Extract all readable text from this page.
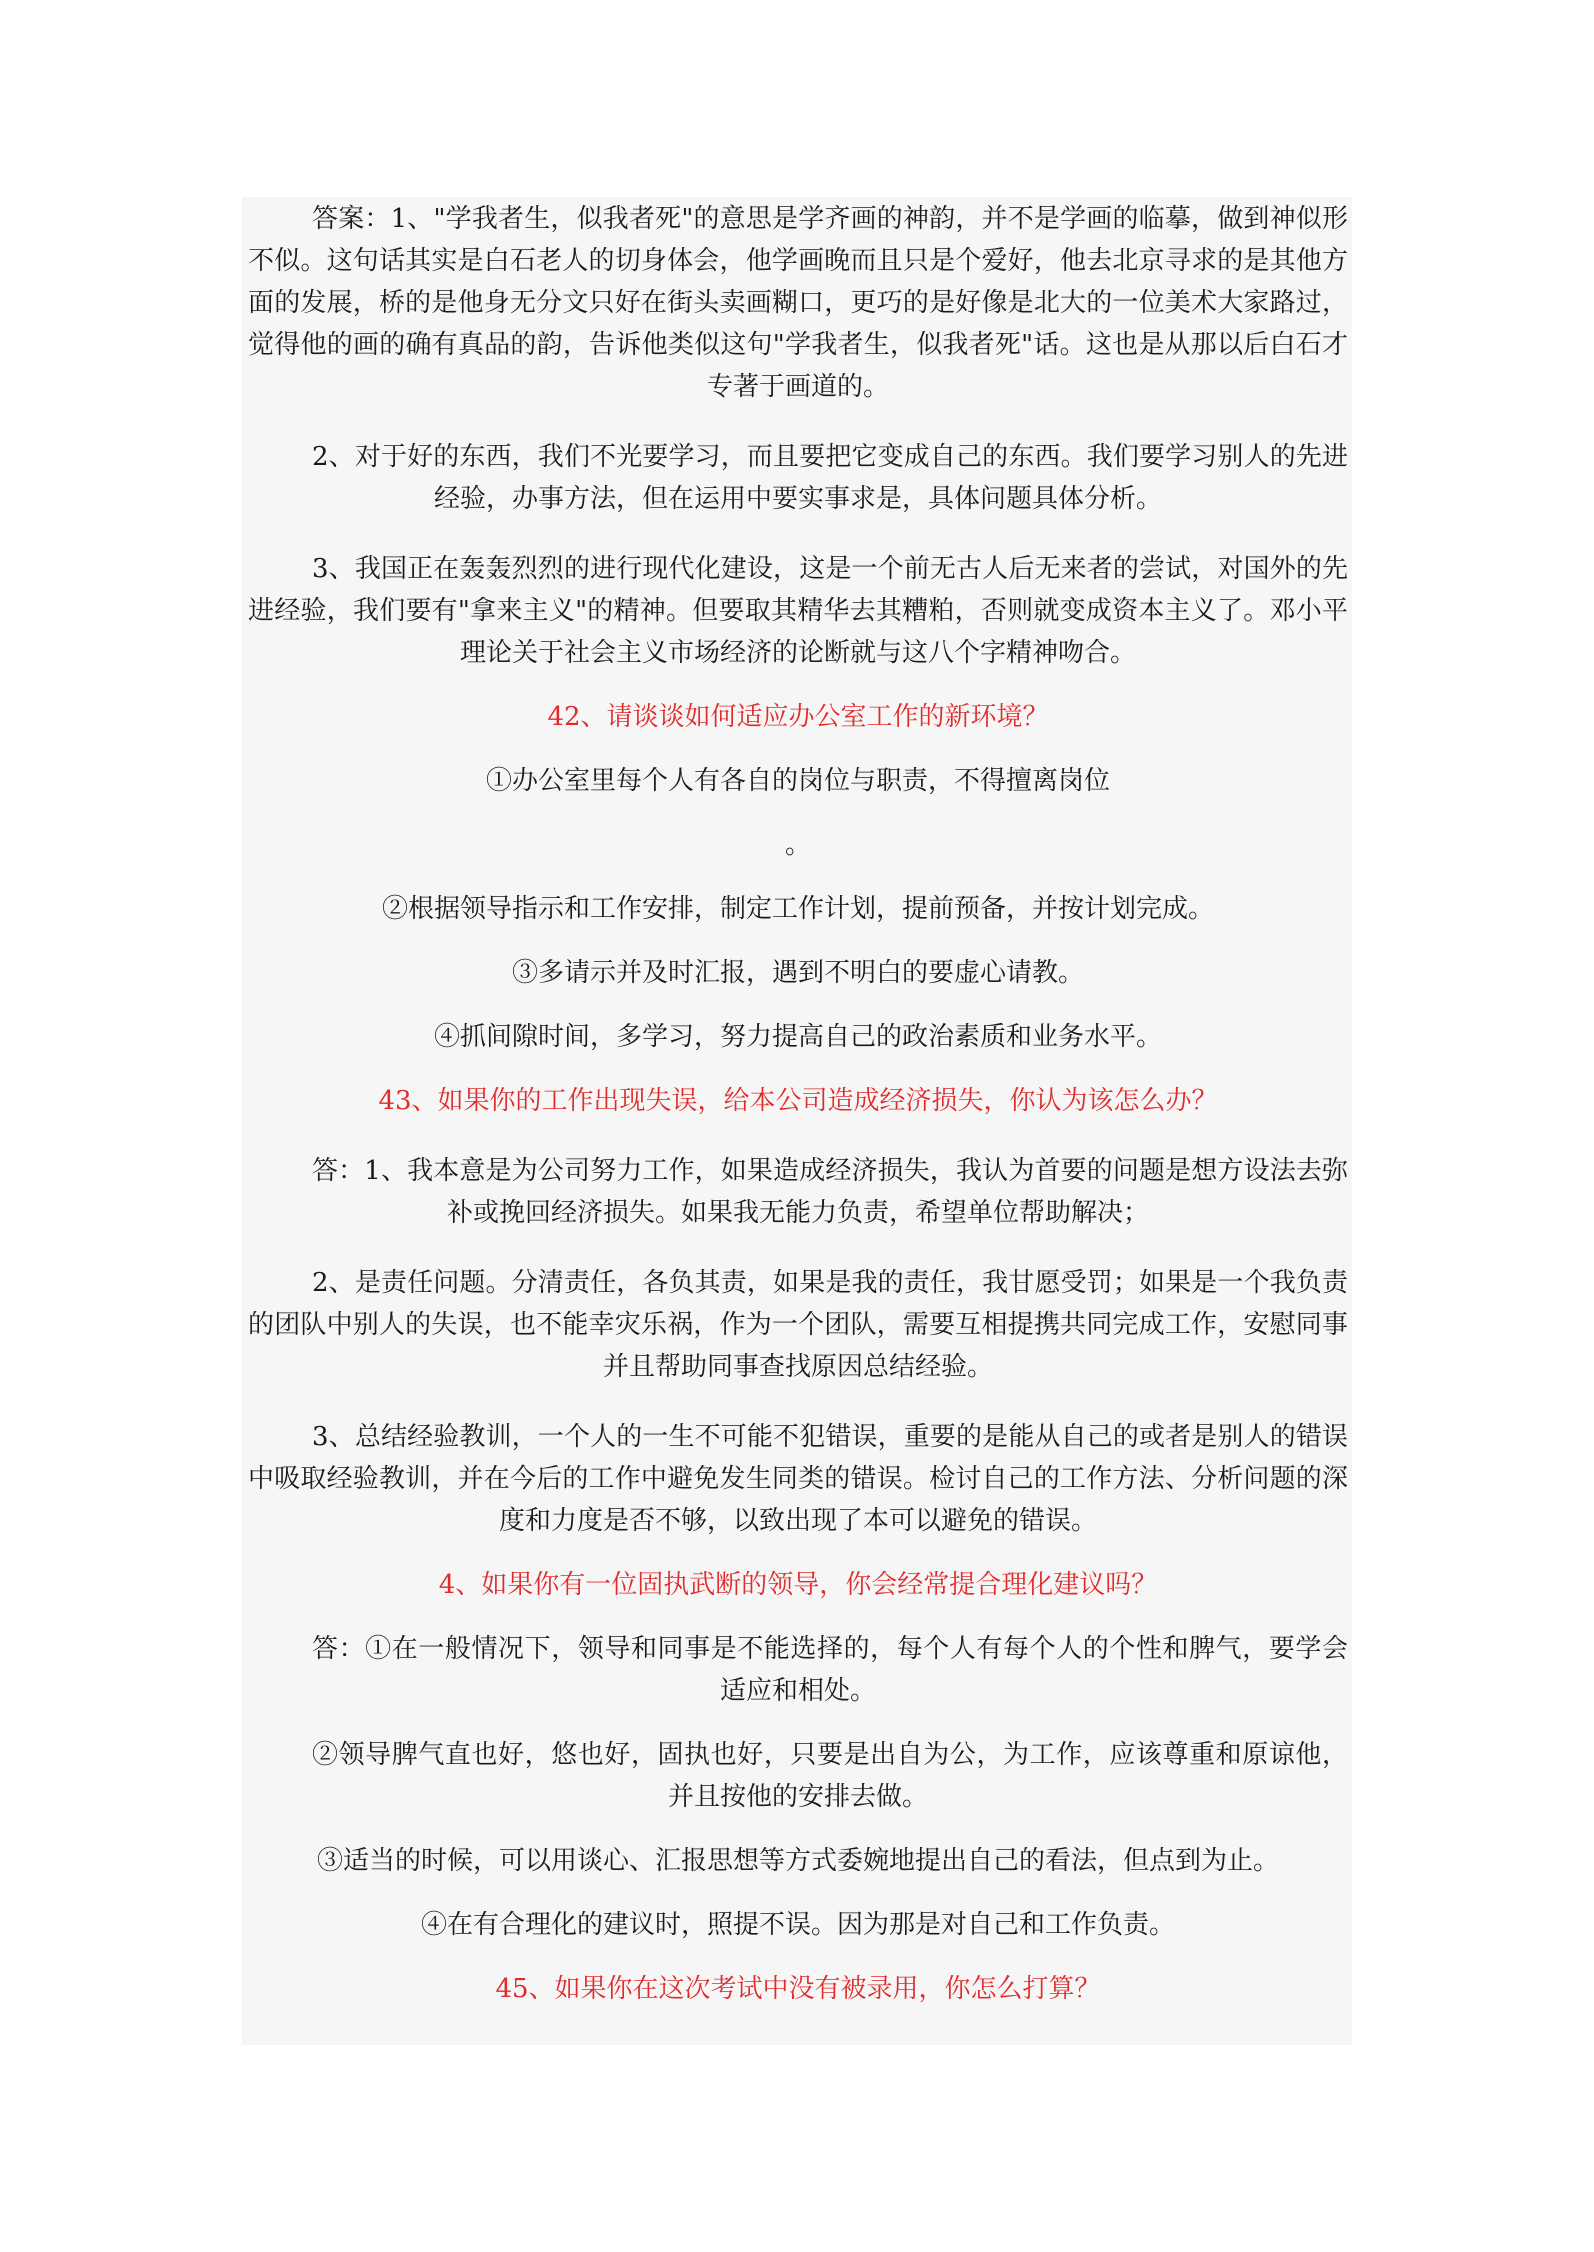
答案：1、"学我者生，似我者死"的意思是学齐画的神韵，并不是学画的临摹，做到神似形不似。这句话其实是白石老人的切身体会，他学画晚而且只是个爱好，他去北京寻求的是其他方面的发展，桥的是他身无分文只好在街头卖画糊口，更巧的是好像是北大的一位美术大家路过，觉得他的画的确有真品的韵，告诉他类似这句"学我者生，似我者死"话。这也是从那以后白石才专著于画道的。

2、对于好的东西，我们不光要学习，而且要把它变成自己的东西。我们要学习别人的先进经验，办事方法，但在运用中要实事求是，具体问题具体分析。

3、我国正在轰轰烈烈的进行现代化建设，这是一个前无古人后无来者的尝试，对国外的先进经验，我们要有"拿来主义"的精神。但要取其精华去其糟粕，否则就变成资本主义了。邓小平理论关于社会主义市场经济的论断就与这八个字精神吻合。

42、请谈谈如何适应办公室工作的新环境？

①办公室里每个人有各自的岗位与职责，不得擅离岗位

。

②根据领导指示和工作安排，制定工作计划，提前预备，并按计划完成。

③多请示并及时汇报，遇到不明白的要虚心请教。

④抓间隙时间，多学习，努力提高自己的政治素质和业务水平。

43、如果你的工作出现失误，给本公司造成经济损失，你认为该怎么办？

答：1、我本意是为公司努力工作，如果造成经济损失，我认为首要的问题是想方设法去弥补或挽回经济损失。如果我无能力负责，希望单位帮助解决；

2、是责任问题。分清责任，各负其责，如果是我的责任，我甘愿受罚；如果是一个我负责的团队中别人的失误，也不能幸灾乐祸，作为一个团队，需要互相提携共同完成工作，安慰同事并且帮助同事查找原因总结经验。

3、总结经验教训，一个人的一生不可能不犯错误，重要的是能从自己的或者是别人的错误中吸取经验教训，并在今后的工作中避免发生同类的错误。检讨自己的工作方法、分析问题的深度和力度是否不够，以致出现了本可以避免的错误。

4、如果你有一位固执武断的领导，你会经常提合理化建议吗？

答：①在一般情况下，领导和同事是不能选择的，每个人有每个人的个性和脾气，要学会适应和相处。

②领导脾气直也好，悠也好，固执也好，只要是出自为公，为工作，应该尊重和原谅他，并且按他的安排去做。

③适当的时候，可以用谈心、汇报思想等方式委婉地提出自己的看法，但点到为止。

④在有合理化的建议时，照提不误。因为那是对自己和工作负责。

45、如果你在这次考试中没有被录用，你怎么打算？
